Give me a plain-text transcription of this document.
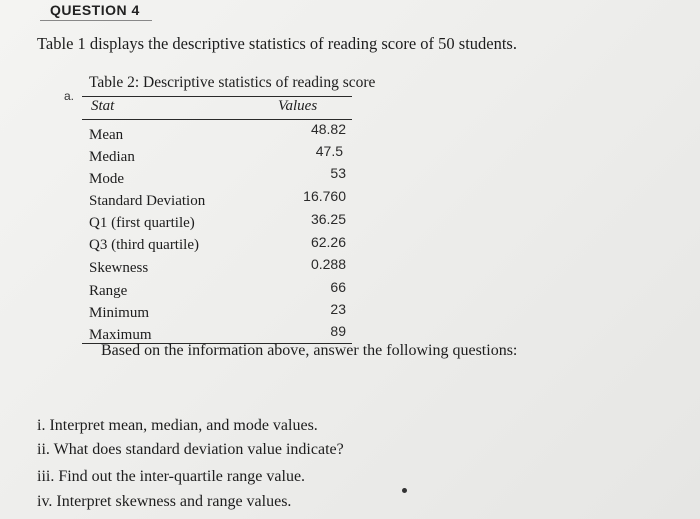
QUESTION 4
Table 1 displays the descriptive statistics of reading score of 50 students.
a.
Table 2: Descriptive statistics of reading score
Stat	Values
Mean	48.82
Median	47.5
Mode	53
Standard Deviation	16.760
Q1 (first quartile)	36.25
Q3 (third quartile)	62.26
Skewness	0.288
Range	66
Minimum	23
Maximum	89
Based on the information above, answer the following questions:
i. Interpret mean, median, and mode values.
ii. What does standard deviation value indicate?
iii. Find out the inter-quartile range value.
iv. Interpret skewness and range values.
